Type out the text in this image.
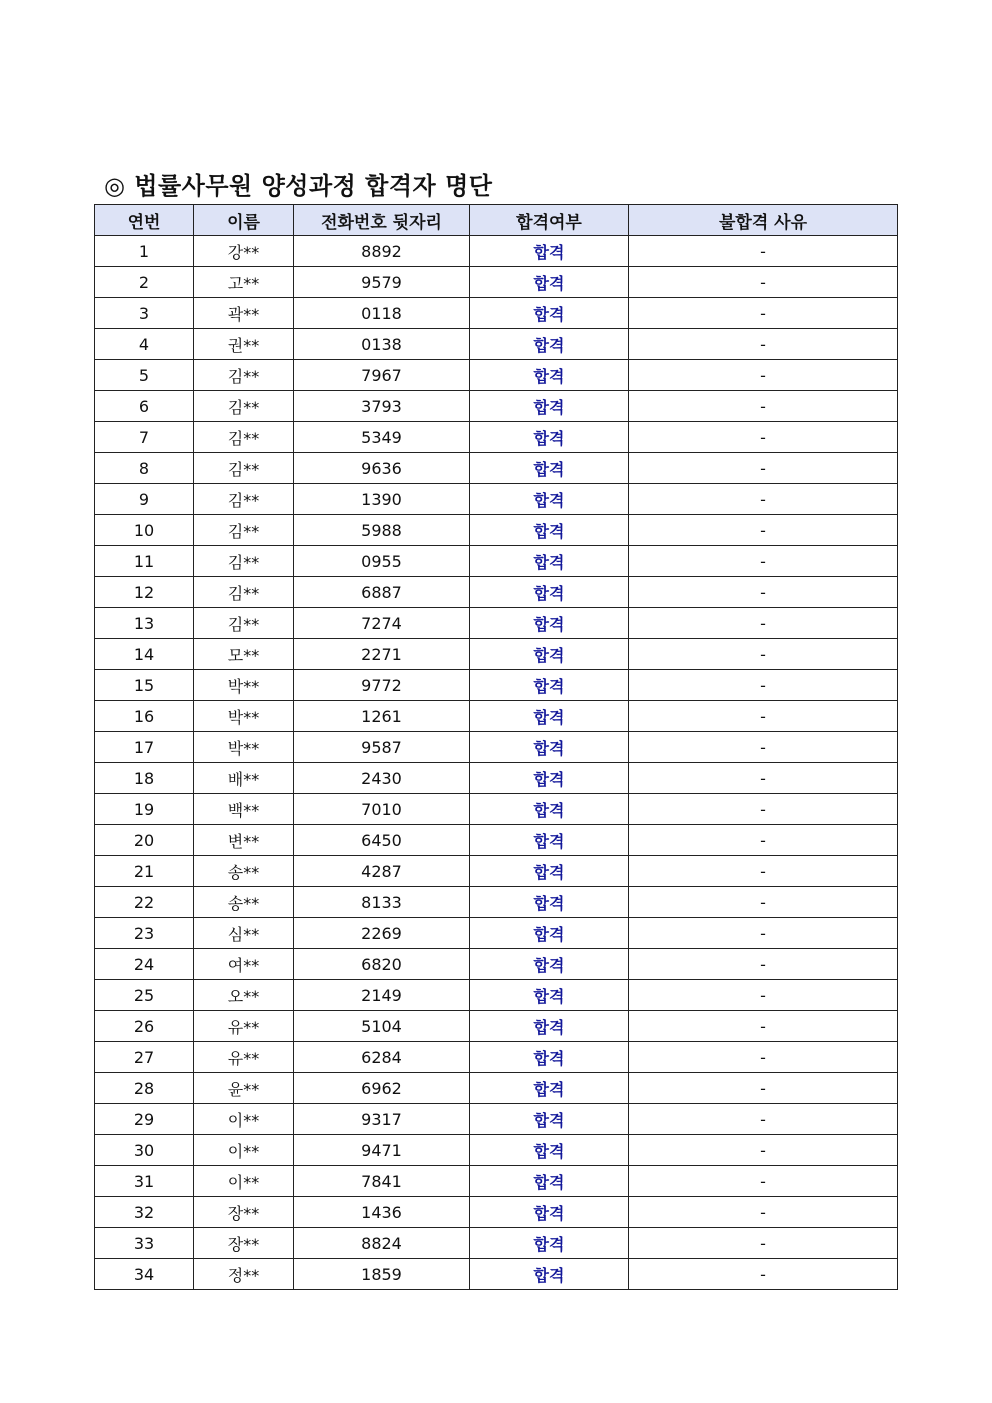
◎ 법률사무원 양성과정 합격자 명단
연번	이름	전화번호 뒷자리	합격여부	불합격 사유
1	강**	8892	합격	-
2	고**	9579	합격	-
3	곽**	0118	합격	-
4	권**	0138	합격	-
5	김**	7967	합격	-
6	김**	3793	합격	-
7	김**	5349	합격	-
8	김**	9636	합격	-
9	김**	1390	합격	-
10	김**	5988	합격	-
11	김**	0955	합격	-
12	김**	6887	합격	-
13	김**	7274	합격	-
14	모**	2271	합격	-
15	박**	9772	합격	-
16	박**	1261	합격	-
17	박**	9587	합격	-
18	배**	2430	합격	-
19	백**	7010	합격	-
20	변**	6450	합격	-
21	송**	4287	합격	-
22	송**	8133	합격	-
23	심**	2269	합격	-
24	여**	6820	합격	-
25	오**	2149	합격	-
26	유**	5104	합격	-
27	유**	6284	합격	-
28	윤**	6962	합격	-
29	이**	9317	합격	-
30	이**	9471	합격	-
31	이**	7841	합격	-
32	장**	1436	합격	-
33	장**	8824	합격	-
34	정**	1859	합격	-
